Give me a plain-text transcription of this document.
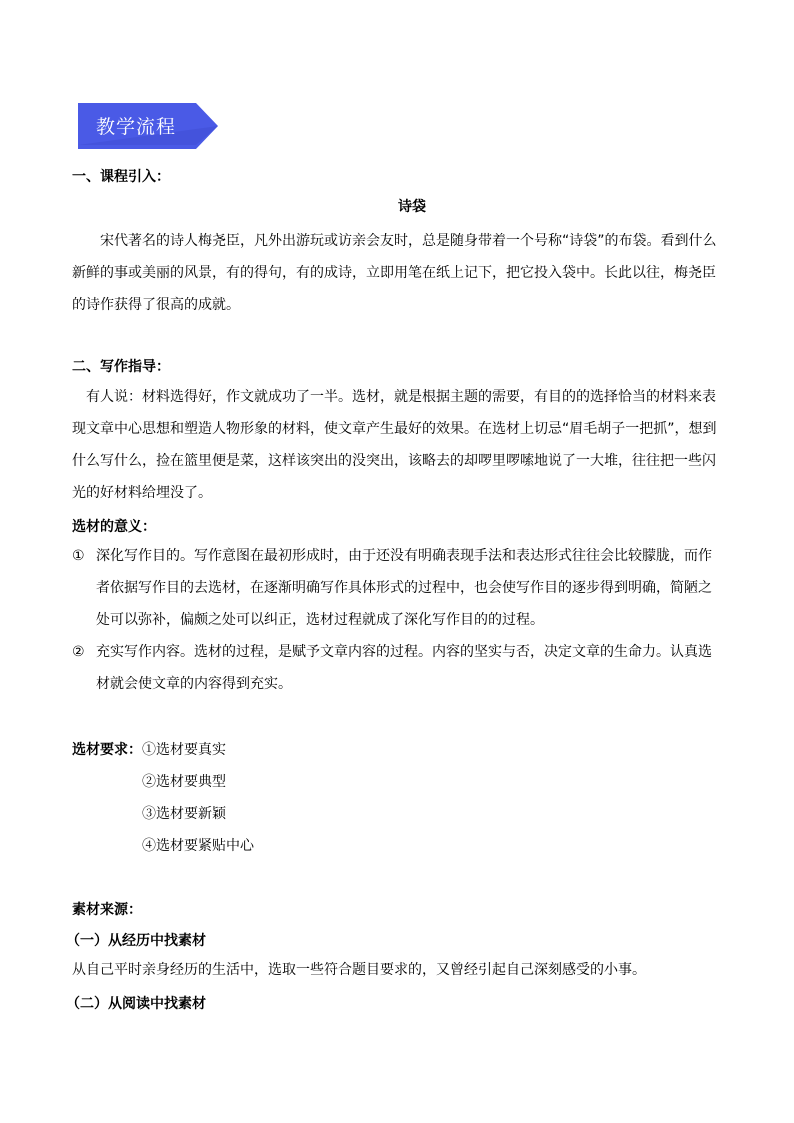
教学流程
一、课程引入：
诗袋
宋代著名的诗人梅尧臣，凡外出游玩或访亲会友时，总是随身带着一个号称“诗袋”的布袋。看到什么新鲜的事或美丽的风景，有的得句，有的成诗，立即用笔在纸上记下，把它投入袋中。长此以往，梅尧臣的诗作获得了很高的成就。
二、写作指导：
有人说：材料选得好，作文就成功了一半。选材，就是根据主题的需要，有目的的选择恰当的材料来表现文章中心思想和塑造人物形象的材料，使文章产生最好的效果。在选材上切忌“眉毛胡子一把抓”，想到什么写什么，捡在篮里便是菜，这样该突出的没突出，该略去的却啰里啰嗦地说了一大堆，往往把一些闪光的好材料给埋没了。
选材的意义：
① 深化写作目的。写作意图在最初形成时，由于还没有明确表现手法和表达形式往往会比较朦胧，而作者依据写作目的去选材，在逐渐明确写作具体形式的过程中，也会使写作目的逐步得到明确，简陋之处可以弥补，偏颇之处可以纠正，选材过程就成了深化写作目的的过程。
② 充实写作内容。选材的过程，是赋予文章内容的过程。内容的坚实与否，决定文章的生命力。认真选材就会使文章的内容得到充实。
选材要求： ①选材要真实
②选材要典型
③选材要新颖
④选材要紧贴中心
素材来源：
（一）从经历中找素材
从自己平时亲身经历的生活中，选取一些符合题目要求的，又曾经引起自己深刻感受的小事。
（二）从阅读中找素材
